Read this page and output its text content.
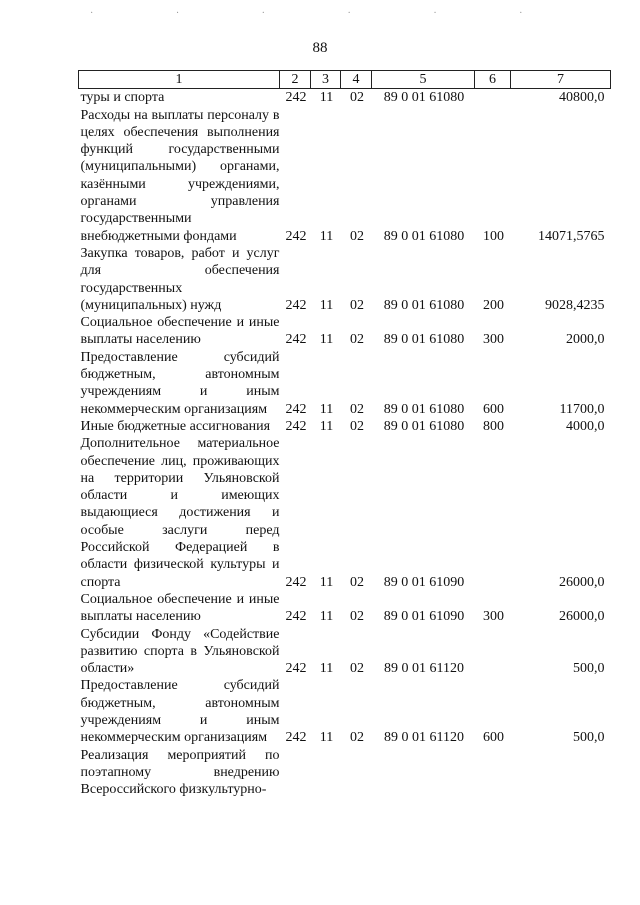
· · · · · ·
88
1	2	3	4	5	6	7
туры и спорта	242	11	02	89 0 01 61080		40800,0
Расходы на выплаты персоналу в целях обеспечения выполнения функций государственными (муниципальными) органами, казёнными учреждениями, органами управления государственными внебюджетными фондами	242	11	02	89 0 01 61080	100	14071,5765
Закупка товаров, работ и услуг для обеспечения государственных (муниципальных) нужд	242	11	02	89 0 01 61080	200	9028,4235
Социальное обеспечение и иные выплаты населению	242	11	02	89 0 01 61080	300	2000,0
Предоставление субсидий бюджетным, автономным учреждениям и иным некоммерческим организациям	242	11	02	89 0 01 61080	600	11700,0
Иные бюджетные ассигнования	242	11	02	89 0 01 61080	800	4000,0
Дополнительное материальное обеспечение лиц, проживающих на территории Ульяновской области и имеющих выдающиеся достижения и особые заслуги перед Российской Федерацией в области физической культуры и спорта	242	11	02	89 0 01 61090		26000,0
Социальное обеспечение и иные выплаты населению	242	11	02	89 0 01 61090	300	26000,0
Субсидии Фонду «Содействие развитию спорта в Ульяновской области»	242	11	02	89 0 01 61120		500,0
Предоставление субсидий бюджетным, автономным учреждениям и иным некоммерческим организациям	242	11	02	89 0 01 61120	600	500,0
Реализация мероприятий по поэтапному внедрению Всероссийского физкультурно-						
